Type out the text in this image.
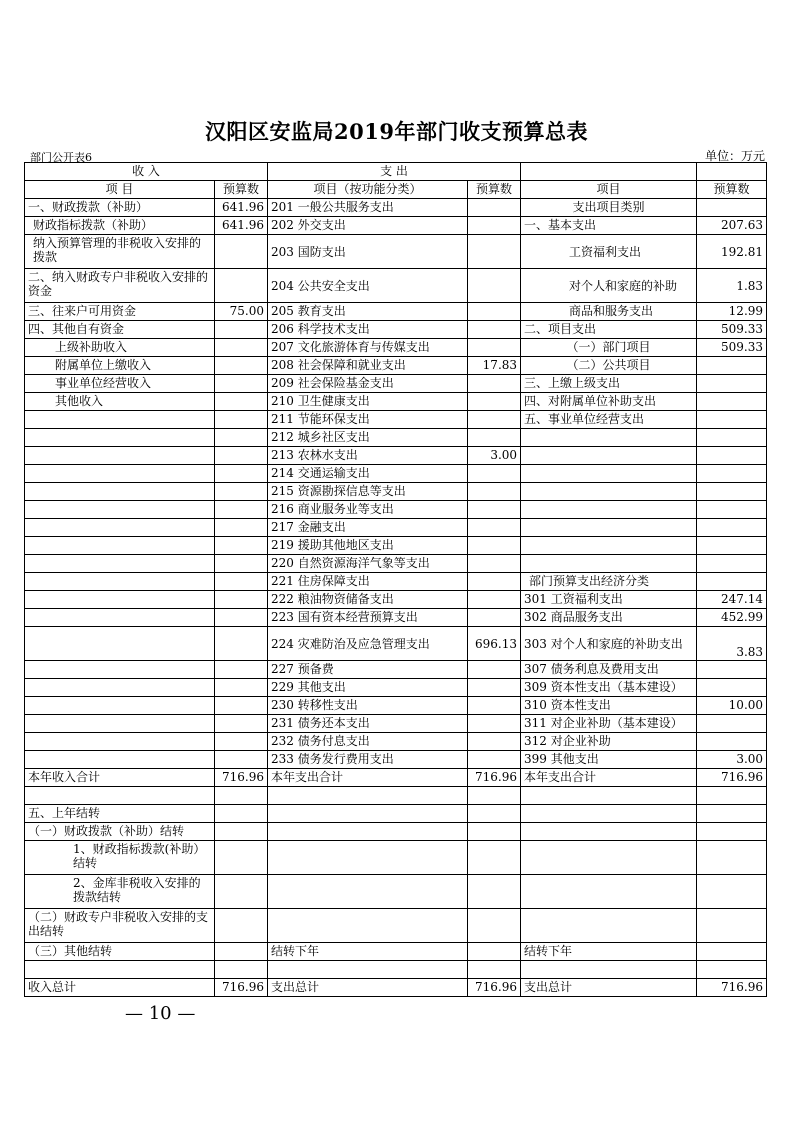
汉阳区安监局2019年部门收支预算总表
部门公开表6	单位：万元
收 入		支 出			
项 目	预算数	项目（按功能分类）	预算数	项目	预算数
一、财政拨款（补助）	641.96	201 一般公共服务支出		支出项目类别	
财政指标拨款（补助）	641.96	202 外交支出		一、基本支出	207.63
纳入预算管理的非税收入安排的拨款		203 国防支出		工资福利支出	192.81
二、纳入财政专户非税收入安排的资金		204 公共安全支出		对个人和家庭的补助	1.83
三、往来户可用资金	75.00	205 教育支出		商品和服务支出	12.99
四、其他自有资金		206 科学技术支出		二、项目支出	509.33
上级补助收入		207 文化旅游体育与传媒支出		（一）部门项目	509.33
附属单位上缴收入		208 社会保障和就业支出	17.83	（二）公共项目	
事业单位经营收入		209 社会保险基金支出		三、上缴上级支出	
其他收入		210 卫生健康支出		四、对附属单位补助支出	
		211 节能环保支出		五、事业单位经营支出	
		212 城乡社区支出			
		213 农林水支出	3.00		
		214 交通运输支出			
		215 资源勘探信息等支出			
		216 商业服务业等支出			
		217 金融支出			
		219 援助其他地区支出			
		220 自然资源海洋气象等支出			
		221 住房保障支出		部门预算支出经济分类	
		222 粮油物资储备支出		301 工资福利支出	247.14
		223 国有资本经营预算支出		302 商品服务支出	452.99
		224 灾难防治及应急管理支出	696.13	303 对个人和家庭的补助支出	3.83
		227 预备费		307 债务利息及费用支出	
		229 其他支出		309 资本性支出（基本建设）	
		230 转移性支出		310 资本性支出	10.00
		231 债务还本支出		311 对企业补助（基本建设）	
		232 债务付息支出		312 对企业补助	
		233 债务发行费用支出		399 其他支出	3.00
本年收入合计	716.96	本年支出合计	716.96	本年支出合计	716.96

五、上年结转					
（一）财政拨款（补助）结转					
1、财政指标拨款(补助）结转					
2、金库非税收入安排的拨款结转					
（二）财政专户非税收入安排的支出结转					
（三）其他结转		结转下年		结转下年	

收入总计	716.96	支出总计	716.96	支出总计	716.96
— 10 —
